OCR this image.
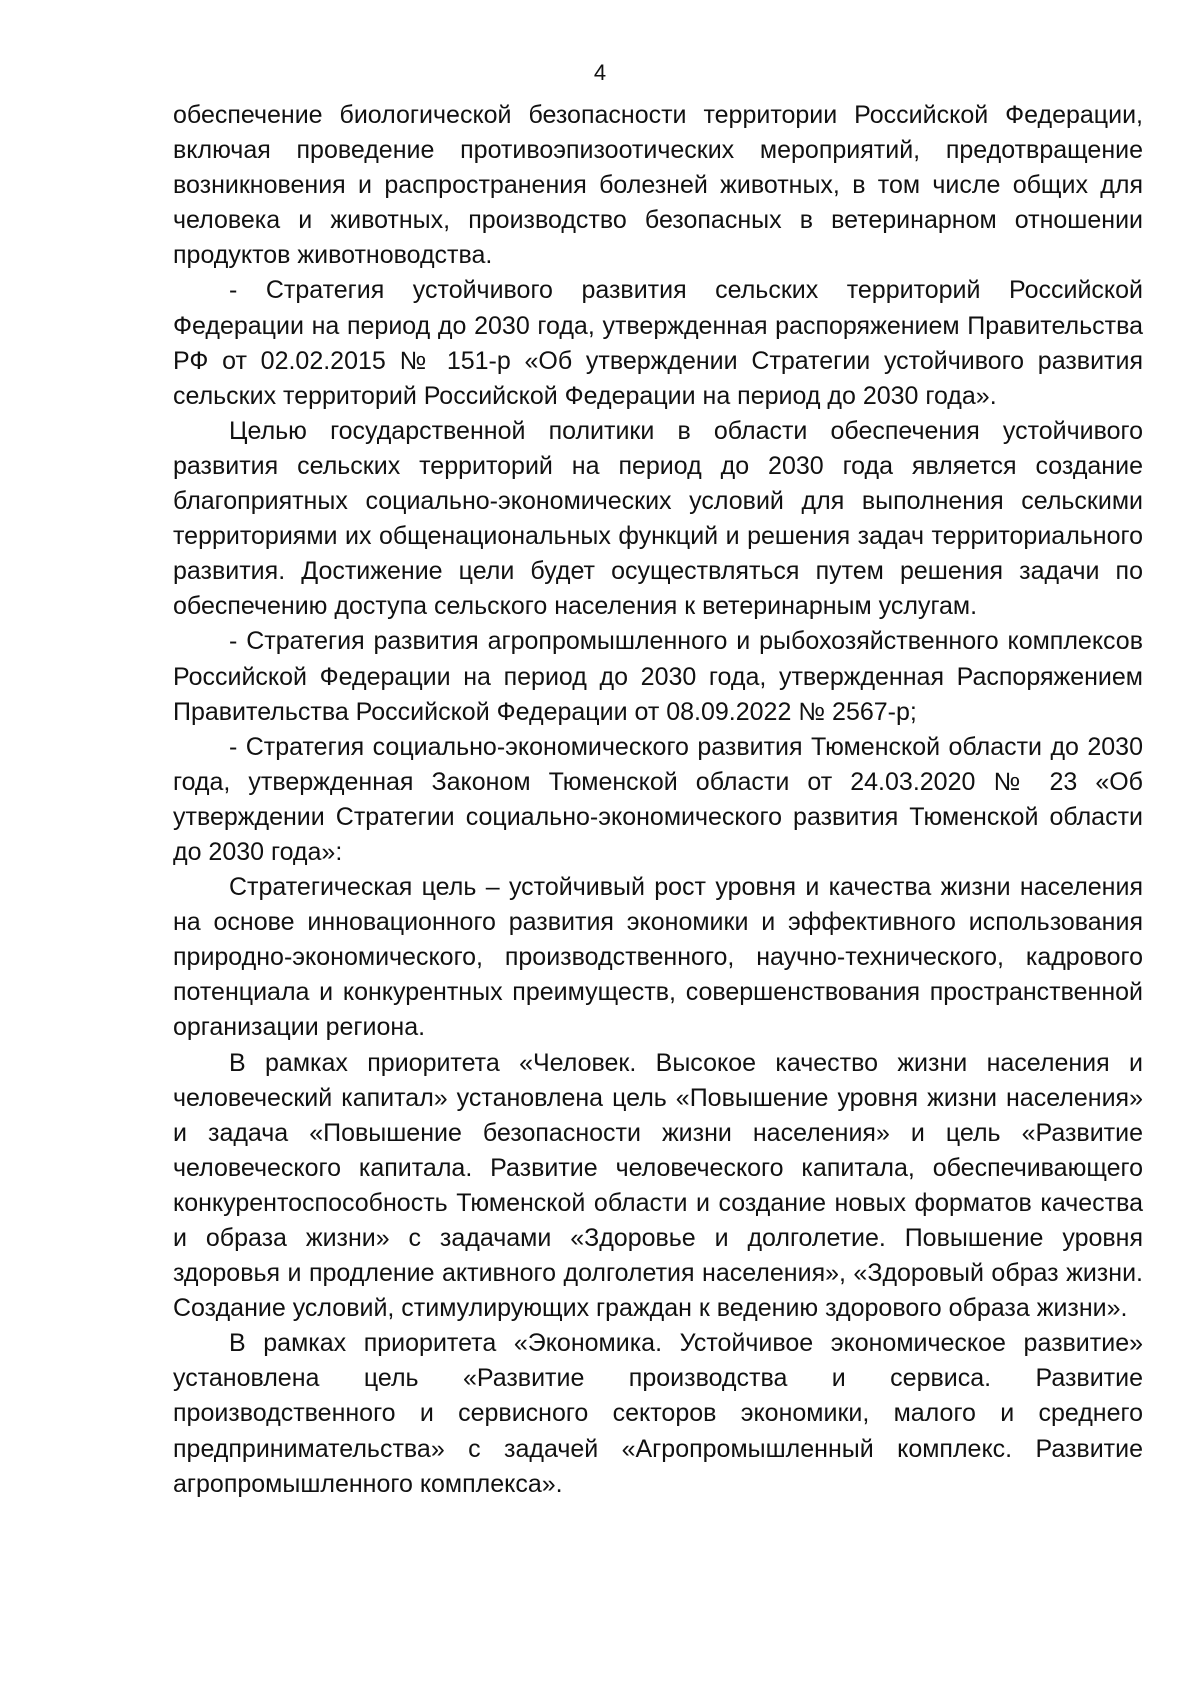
4

обеспечение биологической безопасности территории Российской Федерации, включая проведение противоэпизоотических мероприятий, предотвращение возникновения и распространения болезней животных, в том числе общих для человека и животных, производство безопасных в ветеринарном отношении продуктов животноводства.

- Стратегия устойчивого развития сельских территорий Российской Федерации на период до 2030 года, утвержденная распоряжением Правительства РФ от 02.02.2015 № 151-р «Об утверждении Стратегии устойчивого развития сельских территорий Российской Федерации на период до 2030 года».

Целью государственной политики в области обеспечения устойчивого развития сельских территорий на период до 2030 года является создание благоприятных социально-экономических условий для выполнения сельскими территориями их общенациональных функций и решения задач территориального развития. Достижение цели будет осуществляться путем решения задачи по обеспечению доступа сельского населения к ветеринарным услугам.

- Стратегия развития агропромышленного и рыбохозяйственного комплексов Российской Федерации на период до 2030 года, утвержденная Распоряжением Правительства Российской Федерации от 08.09.2022 № 2567-р;

- Стратегия социально-экономического развития Тюменской области до 2030 года, утвержденная Законом Тюменской области от 24.03.2020 № 23 «Об утверждении Стратегии социально-экономического развития Тюменской области до 2030 года»:

Стратегическая цель – устойчивый рост уровня и качества жизни населения на основе инновационного развития экономики и эффективного использования природно-экономического, производственного, научно-технического, кадрового потенциала и конкурентных преимуществ, совершенствования пространственной организации региона.

В рамках приоритета «Человек. Высокое качество жизни населения и человеческий капитал» установлена цель «Повышение уровня жизни населения» и задача «Повышение безопасности жизни населения» и цель «Развитие человеческого капитала. Развитие человеческого капитала, обеспечивающего конкурентоспособность Тюменской области и создание новых форматов качества и образа жизни» с задачами «Здоровье и долголетие. Повышение уровня здоровья и продление активного долголетия населения», «Здоровый образ жизни. Создание условий, стимулирующих граждан к ведению здорового образа жизни».

В рамках приоритета «Экономика. Устойчивое экономическое развитие» установлена цель «Развитие производства и сервиса. Развитие производственного и сервисного секторов экономики, малого и среднего предпринимательства» с задачей «Агропромышленный комплекс. Развитие агропромышленного комплекса».
